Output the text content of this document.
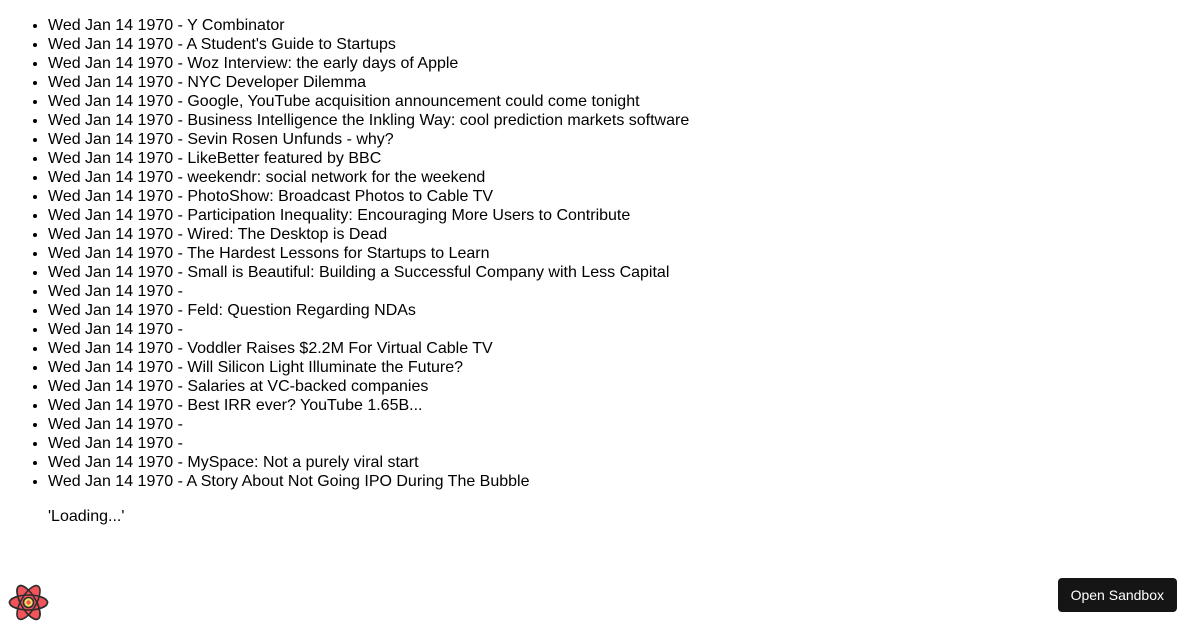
• Wed Jan 14 1970 - Y Combinator
• Wed Jan 14 1970 - A Student's Guide to Startups
• Wed Jan 14 1970 - Woz Interview: the early days of Apple
• Wed Jan 14 1970 - NYC Developer Dilemma
• Wed Jan 14 1970 - Google, YouTube acquisition announcement could come tonight
• Wed Jan 14 1970 - Business Intelligence the Inkling Way: cool prediction markets software
• Wed Jan 14 1970 - Sevin Rosen Unfunds - why?
• Wed Jan 14 1970 - LikeBetter featured by BBC
• Wed Jan 14 1970 - weekendr: social network for the weekend
• Wed Jan 14 1970 - PhotoShow: Broadcast Photos to Cable TV
• Wed Jan 14 1970 - Participation Inequality: Encouraging More Users to Contribute
• Wed Jan 14 1970 - Wired: The Desktop is Dead
• Wed Jan 14 1970 - The Hardest Lessons for Startups to Learn
• Wed Jan 14 1970 - Small is Beautiful: Building a Successful Company with Less Capital
• Wed Jan 14 1970 -
• Wed Jan 14 1970 - Feld: Question Regarding NDAs
• Wed Jan 14 1970 -
• Wed Jan 14 1970 - Voddler Raises $2.2M For Virtual Cable TV
• Wed Jan 14 1970 - Will Silicon Light Illuminate the Future?
• Wed Jan 14 1970 - Salaries at VC-backed companies
• Wed Jan 14 1970 - Best IRR ever? YouTube 1.65B...
• Wed Jan 14 1970 -
• Wed Jan 14 1970 -
• Wed Jan 14 1970 - MySpace: Not a purely viral start
• Wed Jan 14 1970 - A Story About Not Going IPO During The Bubble

'Loading...'

Open Sandbox
